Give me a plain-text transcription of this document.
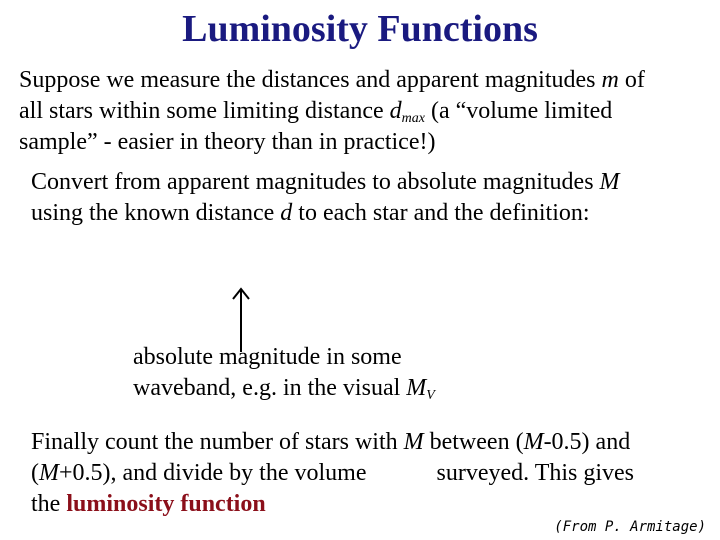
Luminosity Functions

Suppose we measure the distances and apparent magnitudes m of
all stars within some limiting distance $d_{max}$ (a “volume limited
sample” - easier in theory than in practice!)

Convert from apparent magnitudes to absolute magnitudes M
using the known distance d to each star and the definition:

absolute magnitude in some
waveband, e.g. in the visual $M_V$

Finally count the number of stars with M between (M-0.5) and
(M+0.5), and divide by the volume	surveyed. This gives
the luminosity function

(From P. Armitage)
